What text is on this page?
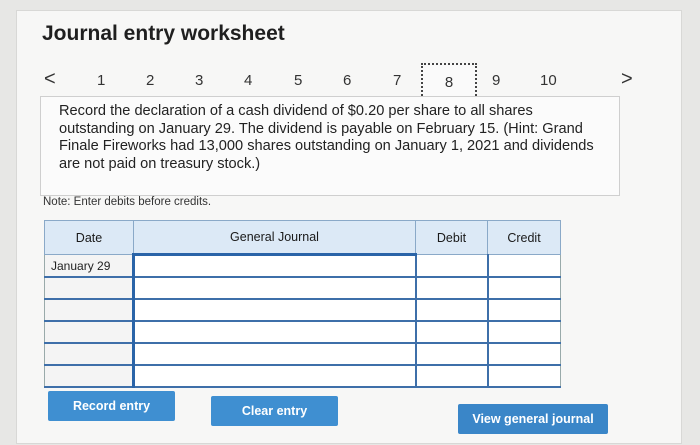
Journal entry worksheet
<	1	2	3	4	5	6	7	8	9	10	>

Record the declaration of a cash dividend of $0.20 per share to all shares outstanding on January 29. The dividend is payable on February 15. (Hint: Grand Finale Fireworks had 13,000 shares outstanding on January 1, 2021 and dividends are not paid on treasury stock.)

Note: Enter debits before credits.
Date	General Journal	Debit	Credit
January 29			

Record entry	Clear entry
View general journal
